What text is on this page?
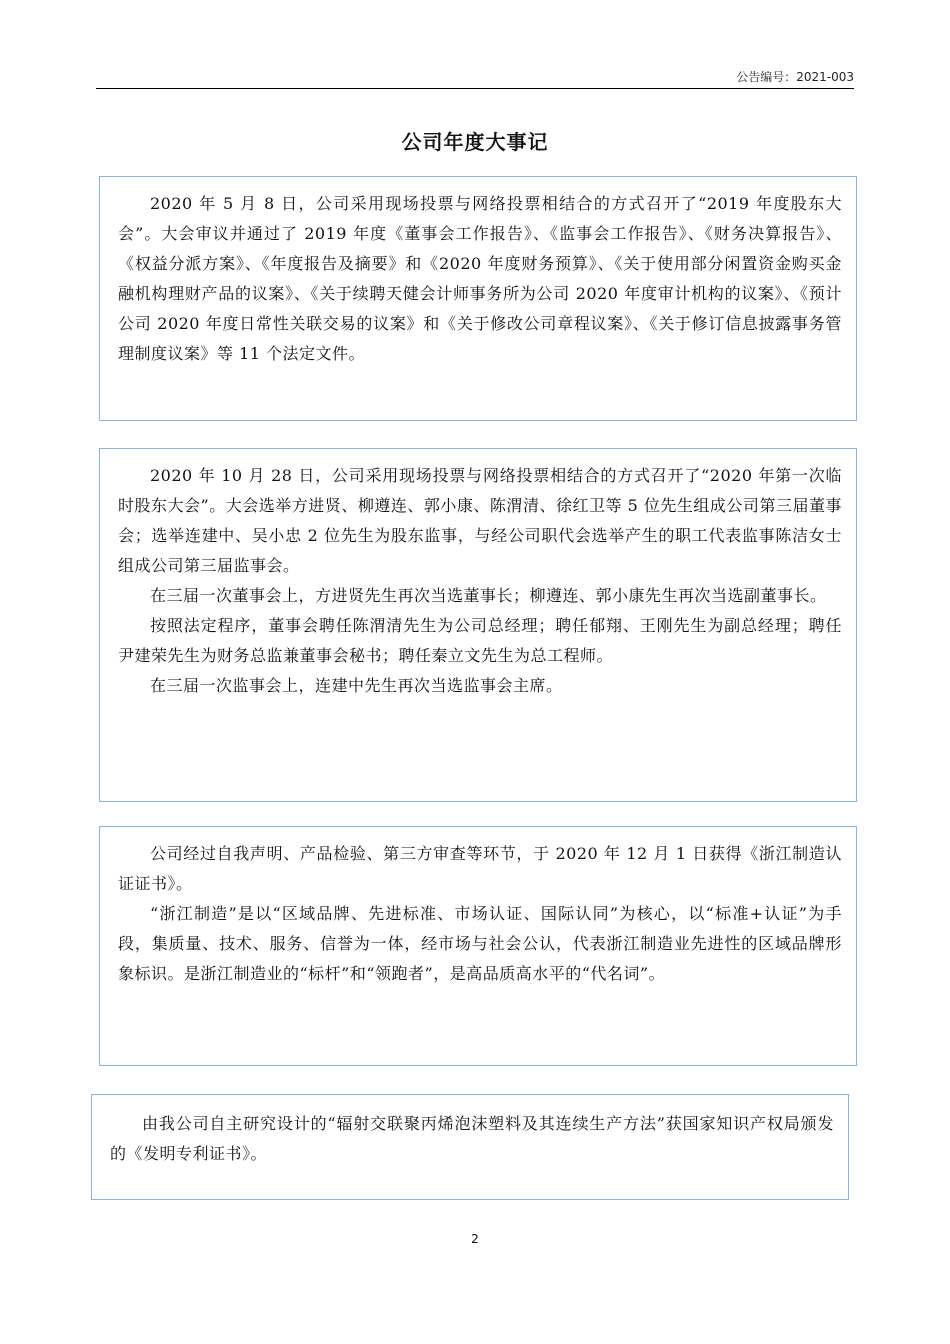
公告编号：2021-003
公司年度大事记

2020 年 5 月 8 日，公司采用现场投票与网络投票相结合的方式召开了“2019 年度股东大会”。大会审议并通过了 2019 年度《董事会工作报告》、《监事会工作报告》、《财务决算报告》、《权益分派方案》、《年度报告及摘要》和《2020 年度财务预算》、《关于使用部分闲置资金购买金融机构理财产品的议案》、《关于续聘天健会计师事务所为公司 2020 年度审计机构的议案》、《预计公司 2020 年度日常性关联交易的议案》和《关于修改公司章程议案》、《关于修订信息披露事务管理制度议案》等 11 个法定文件。

2020 年 10 月 28 日，公司采用现场投票与网络投票相结合的方式召开了“2020 年第一次临时股东大会”。大会选举方进贤、柳遵连、郭小康、陈渭清、徐红卫等 5 位先生组成公司第三届董事会；选举连建中、吴小忠 2 位先生为股东监事，与经公司职代会选举产生的职工代表监事陈洁女士组成公司第三届监事会。

在三届一次董事会上，方进贤先生再次当选董事长；柳遵连、郭小康先生再次当选副董事长。

按照法定程序，董事会聘任陈渭清先生为公司总经理；聘任郁翔、王刚先生为副总经理；聘任尹建荣先生为财务总监兼董事会秘书；聘任秦立文先生为总工程师。

在三届一次监事会上，连建中先生再次当选监事会主席。

公司经过自我声明、产品检验、第三方审查等环节，于 2020 年 12 月 1 日获得《浙江制造认证证书》。

“浙江制造”是以“区域品牌、先进标准、市场认证、国际认同”为核心，以“标准+认证”为手段，集质量、技术、服务、信誉为一体，经市场与社会公认，代表浙江制造业先进性的区域品牌形象标识。是浙江制造业的“标杆”和“领跑者”，是高品质高水平的“代名词”。

由我公司自主研究设计的“辐射交联聚丙烯泡沫塑料及其连续生产方法”获国家知识产权局颁发的《发明专利证书》。

2
